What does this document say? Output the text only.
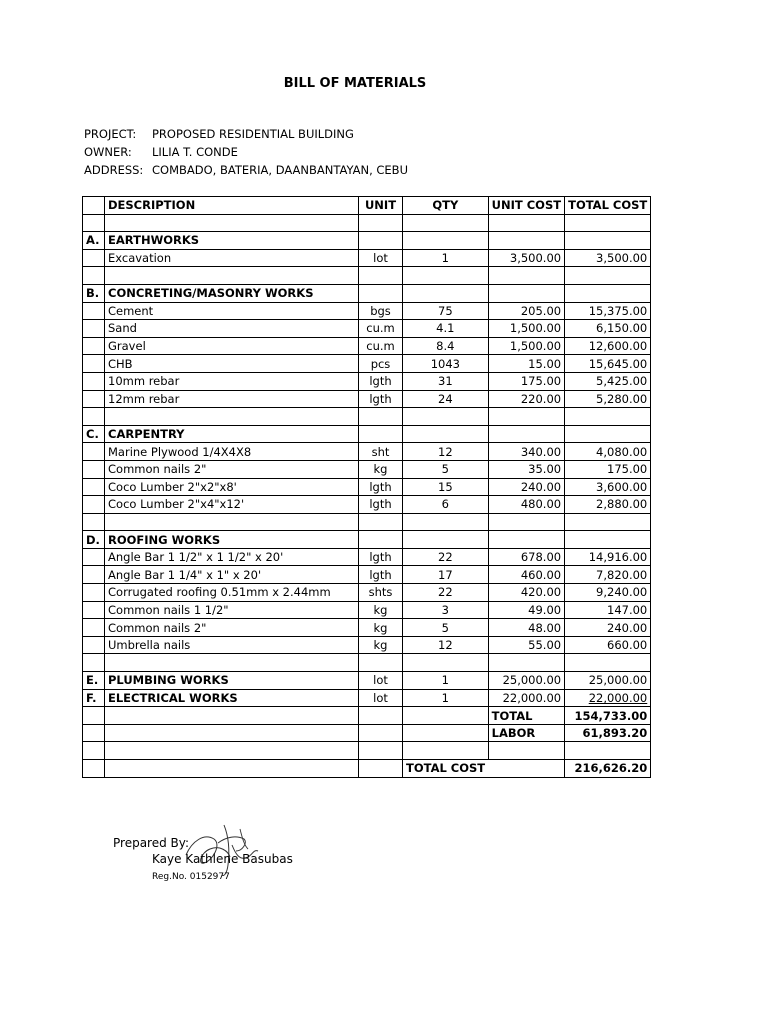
BILL OF MATERIALS
PROJECT:	PROPOSED RESIDENTIAL BUILDING
OWNER:	LILIA T. CONDE
ADDRESS: COMBADO, BATERIA, DAANBANTAYAN, CEBU
	DESCRIPTION	UNIT	QTY	UNIT COST	TOTAL COST

A.	EARTHWORKS				
	Excavation	lot	1	3,500.00	3,500.00

B.	CONCRETING/MASONRY WORKS				
	Cement	bgs	75	205.00	15,375.00
	Sand	cu.m	4.1	1,500.00	6,150.00
	Gravel	cu.m	8.4	1,500.00	12,600.00
	CHB	pcs	1043	15.00	15,645.00
	10mm rebar	lgth	31	175.00	5,425.00
	12mm rebar	lgth	24	220.00	5,280.00

C.	CARPENTRY				
	Marine Plywood 1/4X4X8	sht	12	340.00	4,080.00
	Common nails 2"	kg	5	35.00	175.00
	Coco Lumber 2"x2"x8'	lgth	15	240.00	3,600.00
	Coco Lumber 2"x4"x12'	lgth	6	480.00	2,880.00

D.	ROOFING WORKS				
	Angle Bar 1 1/2" x 1 1/2" x 20'	lgth	22	678.00	14,916.00
	Angle Bar 1 1/4" x 1" x 20'	lgth	17	460.00	7,820.00
	Corrugated roofing 0.51mm x 2.44mm	shts	22	420.00	9,240.00
	Common nails 1 1/2"	kg	3	49.00	147.00
	Common nails 2"	kg	5	48.00	240.00
	Umbrella nails	kg	12	55.00	660.00

E.	PLUMBING WORKS	lot	1	25,000.00	25,000.00
F.	ELECTRICAL WORKS	lot	1	22,000.00	22,000.00
				TOTAL	154,733.00
				LABOR	61,893.20

			TOTAL COST		216,626.20
Prepared By:
Kaye Kathlene Basubas
Reg.No. 0152977
